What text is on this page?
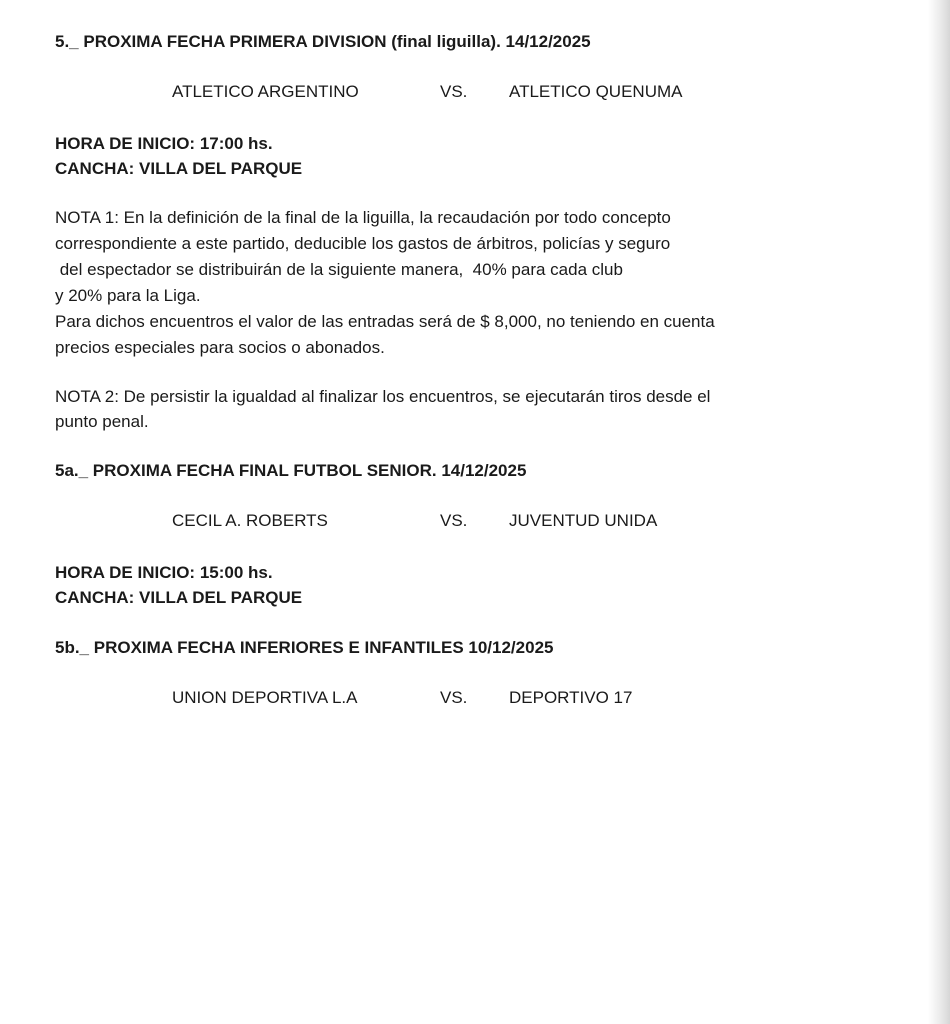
5._ PROXIMA FECHA PRIMERA DIVISION (final liguilla). 14/12/2025
ATLETICO ARGENTINO	VS. ATLETICO QUENUMA
HORA DE INICIO: 17:00 hs.
CANCHA: VILLA DEL PARQUE
NOTA 1: En la definición de la final de la liguilla, la recaudación por todo concepto
correspondiente a este partido, deducible los gastos de árbitros, policías y seguro
del espectador se distribuirán de la siguiente manera,  40% para cada club
y 20% para la Liga.
Para dichos encuentros el valor de las entradas será de $ 8,000, no teniendo en cuenta
precios especiales para socios o abonados.
NOTA 2: De persistir la igualdad al finalizar los encuentros, se ejecutarán tiros desde el
punto penal.
5a._ PROXIMA FECHA FINAL FUTBOL SENIOR. 14/12/2025
CECIL A. ROBERTS	VS. JUVENTUD UNIDA
HORA DE INICIO: 15:00 hs.
CANCHA: VILLA DEL PARQUE
5b._ PROXIMA FECHA INFERIORES E INFANTILES 10/12/2025
UNION DEPORTIVA L.A	VS. DEPORTIVO 17
